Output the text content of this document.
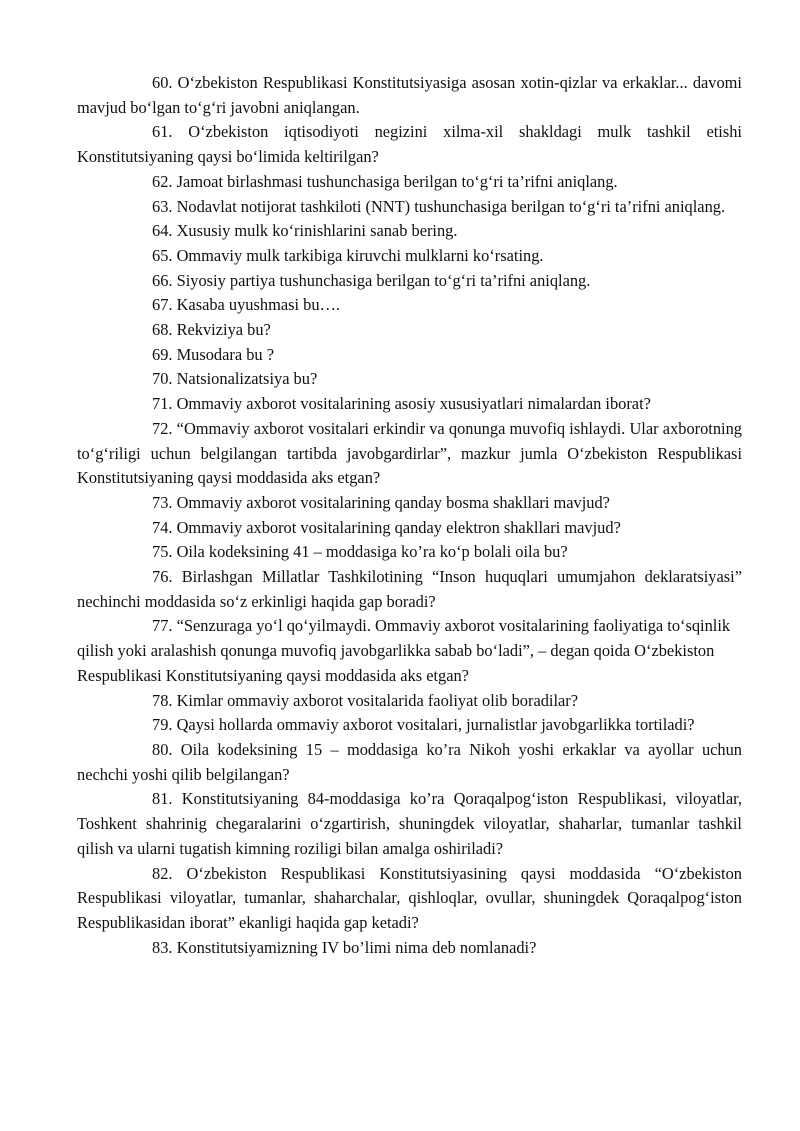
60. O‘zbekiston Respublikasi Konstitutsiyasiga asosan xotin-qizlar va erkaklar... davomi mavjud bo‘lgan to‘g‘ri javobni aniqlangan.

61. O‘zbekiston iqtisodiyoti negizini xilma-xil shakldagi mulk tashkil etishi Konstitutsiyaning qaysi bo‘limida keltirilgan?

62. Jamoat birlashmasi tushunchasiga berilgan to‘g‘ri ta’rifni aniqlang.

63. Nodavlat notijorat tashkiloti (NNT) tushunchasiga berilgan to‘g‘ri ta’rifni aniqlang.

64. Xususiy mulk ko‘rinishlarini sanab bering.

65. Ommaviy mulk tarkibiga kiruvchi mulklarni ko‘rsating.

66. Siyosiy partiya tushunchasiga berilgan to‘g‘ri ta’rifni aniqlang.

67. Kasaba uyushmasi bu….

68. Rekviziya bu?

69. Musodara bu ?

70. Natsionalizatsiya bu?

71. Ommaviy axborot vositalarining asosiy xususiyatlari nimalardan iborat?

72. “Ommaviy axborot vositalari erkindir va qonunga muvofiq ishlaydi. Ular axborotning to‘g‘riligi uchun belgilangan tartibda javobgardirlar”, mazkur jumla O‘zbekiston Respublikasi Konstitutsiyaning qaysi moddasida aks etgan?

73. Ommaviy axborot vositalarining qanday bosma shakllari mavjud?

74. Ommaviy axborot vositalarining qanday elektron shakllari mavjud?

75. Oila kodeksining 41 – moddasiga ko’ra ko‘p bolali oila bu?

76. Birlashgan Millatlar Tashkilotining “Inson huquqlari umumjahon deklaratsiyasi” nechinchi moddasida so‘z erkinligi haqida gap boradi?

77. “Senzuraga yo‘l qo‘yilmaydi. Ommaviy axborot vositalarining faoliyatiga to‘sqinlik qilish yoki aralashish qonunga muvofiq javobgarlikka sabab bo‘ladi”, – degan qoida O‘zbekiston Respublikasi Konstitutsiyaning qaysi moddasida aks etgan?

78. Kimlar ommaviy axborot vositalarida faoliyat olib boradilar?

79. Qaysi hollarda ommaviy axborot vositalari, jurnalistlar javobgarlikka tortiladi?

80. Oila kodeksining 15 – moddasiga ko’ra Nikoh yoshi erkaklar va ayollar uchun nechchi yoshi qilib belgilangan?

81. Konstitutsiyaning 84-moddasiga ko’ra Qoraqalpog‘iston Respublikasi, viloyatlar, Toshkent shahrinig chegaralarini o‘zgartirish, shuningdek viloyatlar, shaharlar, tumanlar tashkil qilish va ularni tugatish kimning roziligi bilan amalga oshiriladi?

82. O‘zbekiston Respublikasi Konstitutsiyasining qaysi moddasida “O‘zbekiston Respublikasi viloyatlar, tumanlar, shaharchalar, qishloqlar, ovullar, shuningdek Qoraqalpog‘iston Respublikasidan iborat” ekanligi haqida gap ketadi?

83. Konstitutsiyamizning IV bo’limi nima deb nomlanadi?
